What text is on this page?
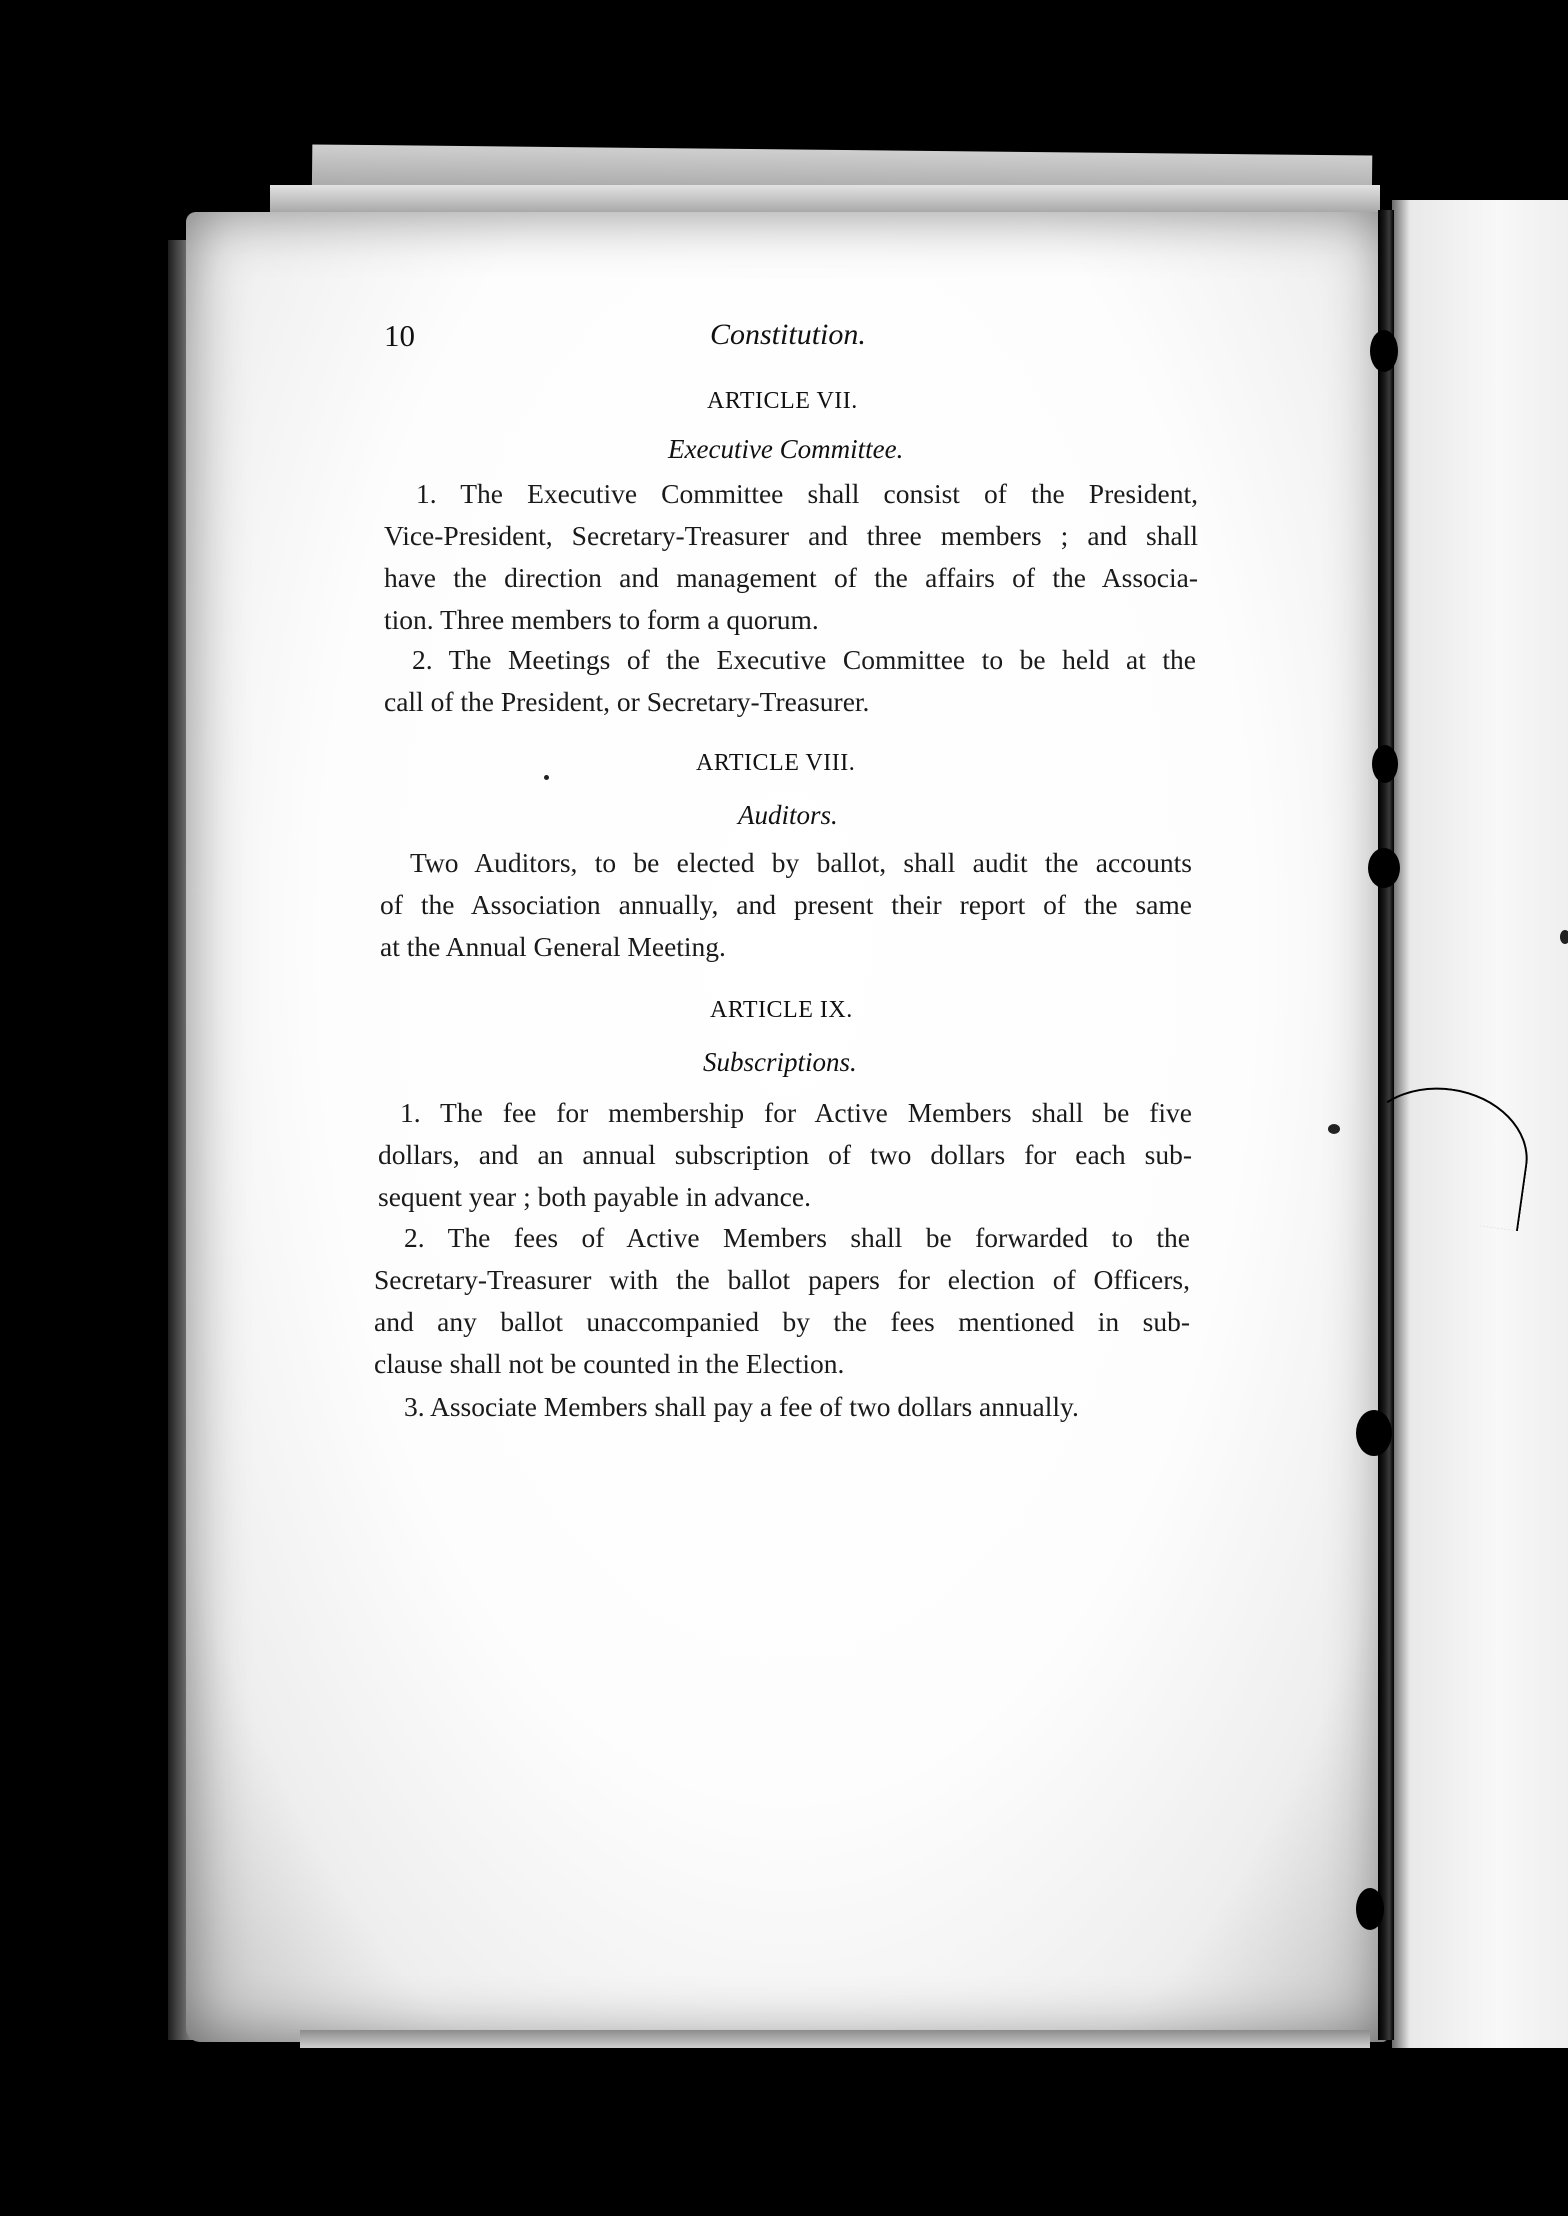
10	Constitution.
ARTICLE VII.
Executive Committee.
1. The Executive Committee shall consist of the President,
Vice-President, Secretary-Treasurer and three members ; and shall
have the direction and management of the affairs of the Associa-
tion. Three members to form a quorum.
2. The Meetings of the Executive Committee to be held at the
call of the President, or Secretary-Treasurer.
ARTICLE VIII.
Auditors.
Two Auditors, to be elected by ballot, shall audit the accounts
of the Association annually, and present their report of the same
at the Annual General Meeting.
ARTICLE IX.
Subscriptions.
1. The fee for membership for Active Members shall be five
dollars, and an annual subscription of two dollars for each sub-
sequent year ; both payable in advance.
2. The fees of Active Members shall be forwarded to the
Secretary-Treasurer with the ballot papers for election of Officers,
and any ballot unaccompanied by the fees mentioned in sub-
clause shall not be counted in the Election.
3. Associate Members shall pay a fee of two dollars annually.
